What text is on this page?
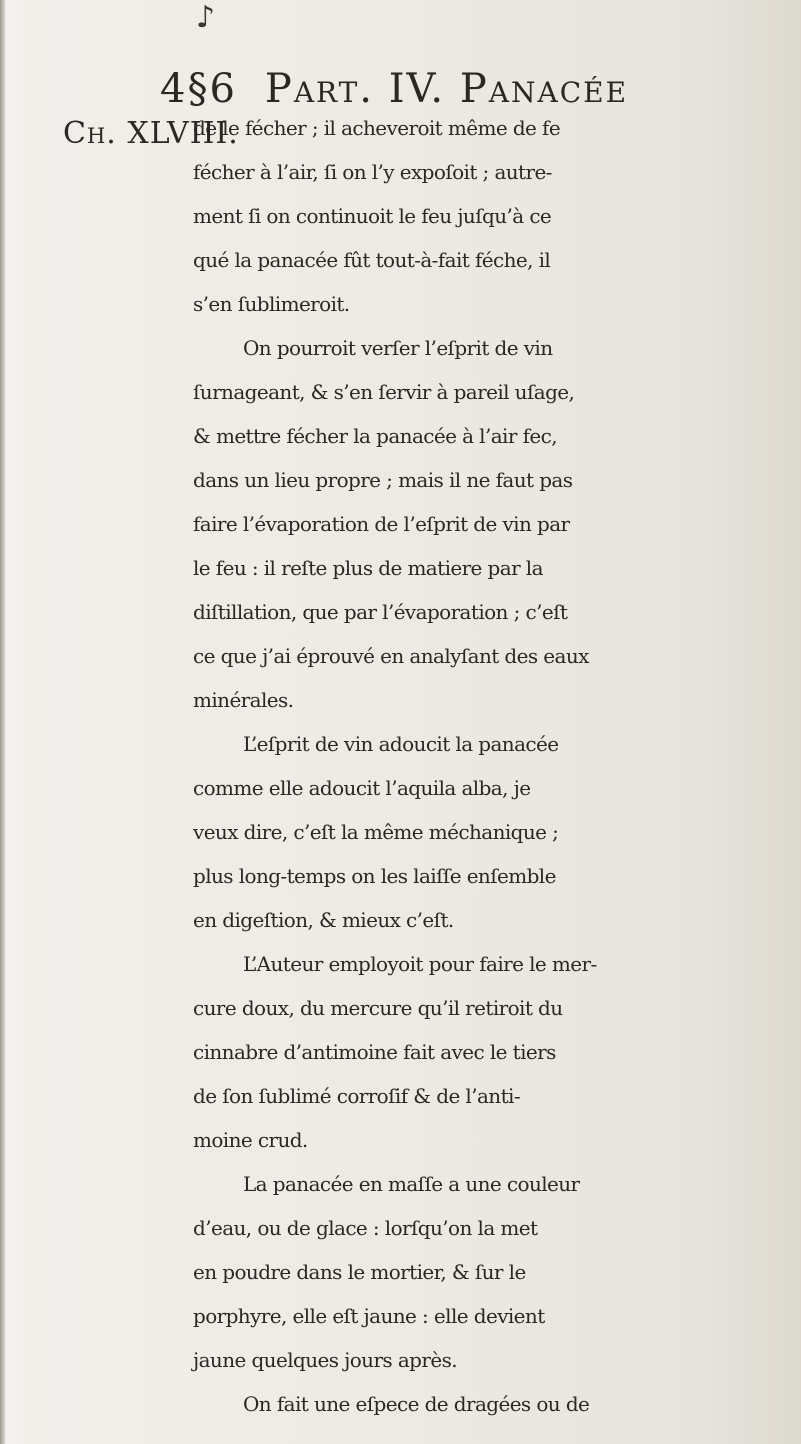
♪
4§6 Part. IV. Panacée
Ch. XLVIII.
de le fécher ; il acheveroit même de fe
fécher à l’air, ſi on l’y expoſoit ; autre-
ment ſi on continuoit le feu juſqu’à ce
qué la panacée fût tout-à-fait féche, il
s’en ſublimeroit.
On pourroit verſer l’eſprit de vin
ſurnageant, & s’en ſervir à pareil uſage,
& mettre fécher la panacée à l’air fec,
dans un lieu propre ; mais il ne faut pas
faire l’évaporation de l’eſprit de vin par
le feu : il reſte plus de matiere par la
diſtillation, que par l’évaporation ; c’eſt
ce que j’ai éprouvé en analyſant des eaux
minérales.
L’eſprit de vin adoucit la panacée
comme elle adoucit l’aquila alba, je
veux dire, c’eſt la même méchanique ;
plus long-temps on les laiſſe enſemble
en digeſtion, & mieux c’eſt.
L’Auteur employoit pour faire le mer-
cure doux, du mercure qu’il retiroit du
cinnabre d’antimoine fait avec le tiers
de ſon ſublimé corroſif & de l’anti-
moine crud.
La panacée en maſſe a une couleur
d’eau, ou de glace : lorſqu’on la met
en poudre dans le mortier, & ſur le
porphyre, elle eſt jaune : elle devient
jaune quelques jours après.
On fait une eſpece de dragées ou de
